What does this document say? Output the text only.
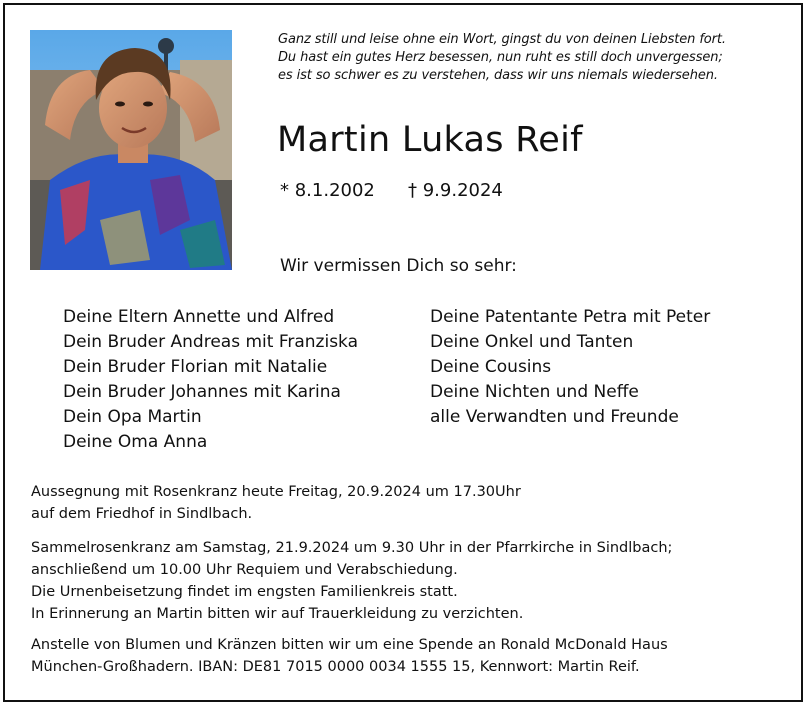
Ganz still und leise ohne ein Wort, gingst du von deinen Liebsten fort.
Du hast ein gutes Herz besessen, nun ruht es still doch unvergessen;
es ist so schwer es zu verstehen, dass wir uns niemals wiedersehen.
Martin Lukas Reif
* 8.1.2002 † 9.9.2024
Wir vermissen Dich so sehr:
Deine Eltern Annette und Alfred
Dein Bruder Andreas mit Franziska
Dein Bruder Florian mit Natalie
Dein Bruder Johannes mit Karina
Dein Opa Martin
Deine Oma Anna
Deine Patentante Petra mit Peter
Deine Onkel und Tanten
Deine Cousins
Deine Nichten und Neffe
alle Verwandten und Freunde
Aussegnung mit Rosenkranz heute Freitag, 20.9.2024 um 17.30Uhr
auf dem Friedhof in Sindlbach.
Sammelrosenkranz am Samstag, 21.9.2024 um 9.30 Uhr in der Pfarrkirche in Sindlbach;
anschließend um 10.00 Uhr Requiem und Verabschiedung.
Die Urnenbeisetzung findet im engsten Familienkreis statt.
In Erinnerung an Martin bitten wir auf Trauerkleidung zu verzichten.
Anstelle von Blumen und Kränzen bitten wir um eine Spende an Ronald McDonald Haus
München-Großhadern. IBAN: DE81 7015 0000 0034 1555 15, Kennwort: Martin Reif.
